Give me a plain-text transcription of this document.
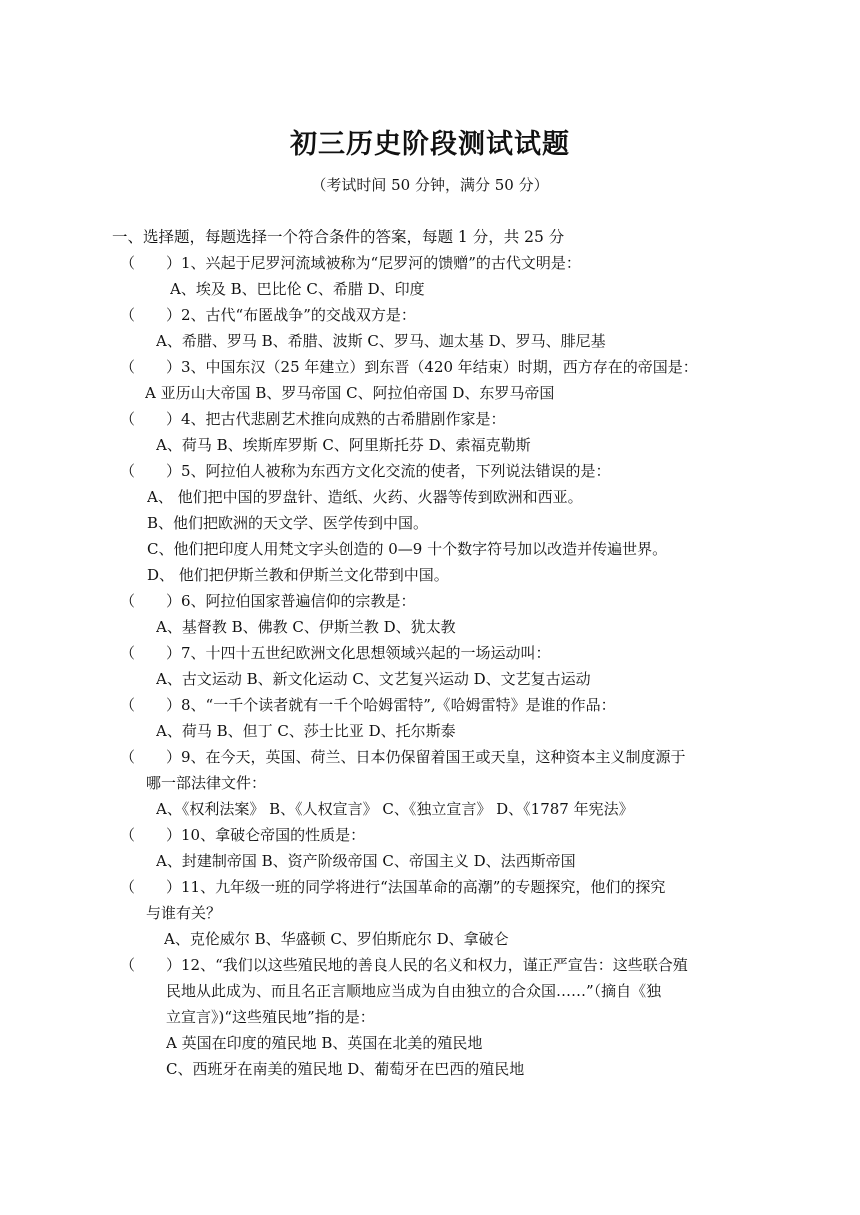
初三历史阶段测试试题
（考试时间 50 分钟，满分 50 分）
一、选择题，每题选择一个符合条件的答案，每题 1 分，共 25 分
（ ）1、兴起于尼罗河流域被称为“尼罗河的馈赠”的古代文明是：
A、埃及 B、巴比伦 C、希腊 D、印度
（ ）2、古代“布匿战争”的交战双方是：
A、希腊、罗马 B、希腊、波斯 C、罗马、迦太基 D、罗马、腓尼基
（ ）3、中国东汉（25 年建立）到东晋（420 年结束）时期，西方存在的帝国是：
A 亚历山大帝国 B、罗马帝国 C、阿拉伯帝国 D、东罗马帝国
（ ）4、把古代悲剧艺术推向成熟的古希腊剧作家是：
A、荷马 B、埃斯库罗斯 C、阿里斯托芬 D、索福克勒斯
（ ）5、阿拉伯人被称为东西方文化交流的使者，下列说法错误的是：
A、 他们把中国的罗盘针、造纸、火药、火器等传到欧洲和西亚。
B、他们把欧洲的天文学、医学传到中国。
C、他们把印度人用梵文字头创造的 0—9 十个数字符号加以改造并传遍世界。
D、 他们把伊斯兰教和伊斯兰文化带到中国。
（ ）6、阿拉伯国家普遍信仰的宗教是：
A、基督教 B、佛教 C、伊斯兰教 D、犹太教
（ ）7、十四十五世纪欧洲文化思想领域兴起的一场运动叫：
A、古文运动 B、新文化运动 C、文艺复兴运动 D、文艺复古运动
（ ）8、“一千个读者就有一千个哈姆雷特”,《哈姆雷特》是谁的作品：
A、荷马 B、但丁 C、莎士比亚 D、托尔斯泰
（ ）9、在今天，英国、荷兰、日本仍保留着国王或天皇，这种资本主义制度源于
哪一部法律文件：
A、《权利法案》 B、《人权宣言》 C、《独立宣言》 D、《1787 年宪法》
（ ）10、拿破仑帝国的性质是：
A、封建制帝国 B、资产阶级帝国 C、帝国主义 D、法西斯帝国
（ ）11、九年级一班的同学将进行“法国革命的高潮”的专题探究，他们的探究
与谁有关？
A、克伦威尔 B、华盛顿 C、罗伯斯庇尔 D、拿破仑
（ ）12、“我们以这些殖民地的善良人民的名义和权力，谨正严宣告：这些联合殖
民地从此成为、而且名正言顺地应当成为自由独立的合众国……”（摘自《独
立宣言》)“这些殖民地”指的是：
A 英国在印度的殖民地 B、英国在北美的殖民地
C、西班牙在南美的殖民地 D、葡萄牙在巴西的殖民地
